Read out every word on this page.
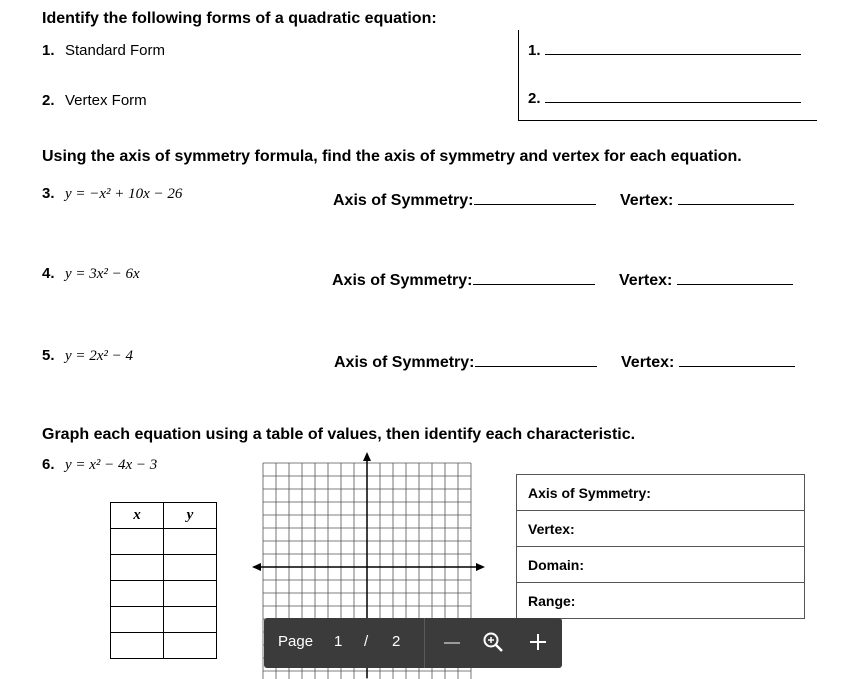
Identify the following forms of a quadratic equation:
1. Standard Form
2. Vertex Form
1.
2.
Using the axis of symmetry formula, find the axis of symmetry and vertex for each equation.
3. y = −x² + 10x − 26	Axis of Symmetry:	Vertex:
4. y = 3x² − 6x	Axis of Symmetry:	Vertex:
5. y = 2x² − 4	Axis of Symmetry:	Vertex:
Graph each equation using a table of values, then identify each characteristic.
6. y = x² − 4x − 3
x	y

Axis of Symmetry:
Vertex:
Domain:
Range:
Page 1 / 2
